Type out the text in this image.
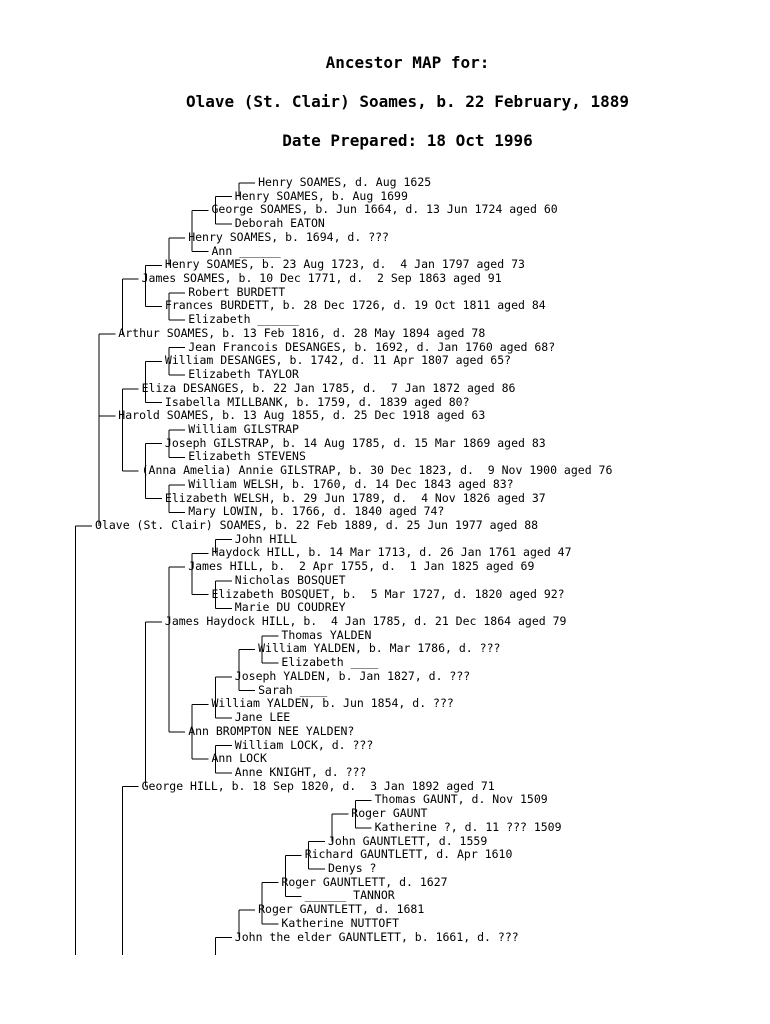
Ancestor MAP for:
Olave (St. Clair) Soames, b. 22 February, 1889
Date Prepared: 18 Oct 1996
Henry SOAMES, d. Aug 1625
Henry SOAMES, b. Aug 1699
George SOAMES, b. Jun 1664, d. 13 Jun 1724 aged 60
Deborah EATON
Henry SOAMES, b. 1694, d. ???
Ann ______
Henry SOAMES, b. 23 Aug 1723, d.  4 Jan 1797 aged 73
James SOAMES, b. 10 Dec 1771, d.  2 Sep 1863 aged 91
Robert BURDETT
Frances BURDETT, b. 28 Dec 1726, d. 19 Oct 1811 aged 84
Elizabeth ______
Arthur SOAMES, b. 13 Feb 1816, d. 28 May 1894 aged 78
Jean Francois DESANGES, b. 1692, d. Jan 1760 aged 68?
William DESANGES, b. 1742, d. 11 Apr 1807 aged 65?
Elizabeth TAYLOR
Eliza DESANGES, b. 22 Jan 1785, d.  7 Jan 1872 aged 86
Isabella MILLBANK, b. 1759, d. 1839 aged 80?
Harold SOAMES, b. 13 Aug 1855, d. 25 Dec 1918 aged 63
William GILSTRAP
Joseph GILSTRAP, b. 14 Aug 1785, d. 15 Mar 1869 aged 83
Elizabeth STEVENS
(Anna Amelia) Annie GILSTRAP, b. 30 Dec 1823, d.  9 Nov 1900 aged 76
William WELSH, b. 1760, d. 14 Dec 1843 aged 83?
Elizabeth WELSH, b. 29 Jun 1789, d.  4 Nov 1826 aged 37
Mary LOWIN, b. 1766, d. 1840 aged 74?
Olave (St. Clair) SOAMES, b. 22 Feb 1889, d. 25 Jun 1977 aged 88
John HILL
Haydock HILL, b. 14 Mar 1713, d. 26 Jan 1761 aged 47
James HILL, b.  2 Apr 1755, d.  1 Jan 1825 aged 69
Nicholas BOSQUET
Elizabeth BOSQUET, b.  5 Mar 1727, d. 1820 aged 92?
Marie DU COUDREY
James Haydock HILL, b.  4 Jan 1785, d. 21 Dec 1864 aged 79
Thomas YALDEN
William YALDEN, b. Mar 1786, d. ???
Elizabeth ____
Joseph YALDEN, b. Jan 1827, d. ???
Sarah ____
William YALDEN, b. Jun 1854, d. ???
Jane LEE
Ann BROMPTON NEE YALDEN?
William LOCK, d. ???
Ann LOCK
Anne KNIGHT, d. ???
George HILL, b. 18 Sep 1820, d.  3 Jan 1892 aged 71
Thomas GAUNT, d. Nov 1509
Roger GAUNT
Katherine ?, d. 11 ??? 1509
John GAUNTLETT, d. 1559
Richard GAUNTLETT, d. Apr 1610
Denys ?
Roger GAUNTLETT, d. 1627
______ TANNOR
Roger GAUNTLETT, d. 1681
Katherine NUTTOFT
John the elder GAUNTLETT, b. 1661, d. ???
